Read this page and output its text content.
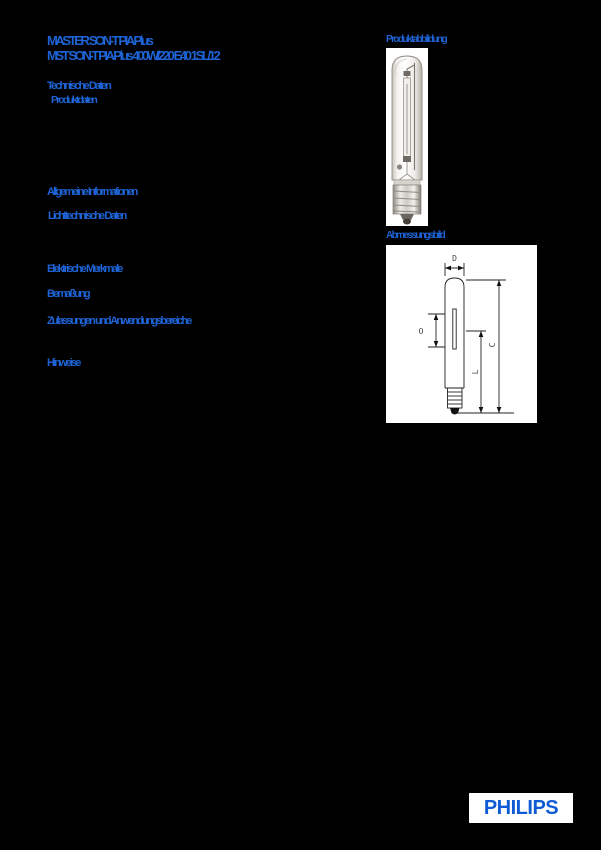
MASTER SON-T PIA Plus
MST SON-T PIA Plus 400W/220 E40 1SL/12
Technische Daten
Produktdaten
Allgemeine Informationen
Lichttechnische Daten
Elektrische Merkmale
Bemaßung
Zulassungen und Anwendungsbereiche
Hinweise
Produktabbildung
Abmessungsbild
D
O
L
C
PHILIPS
